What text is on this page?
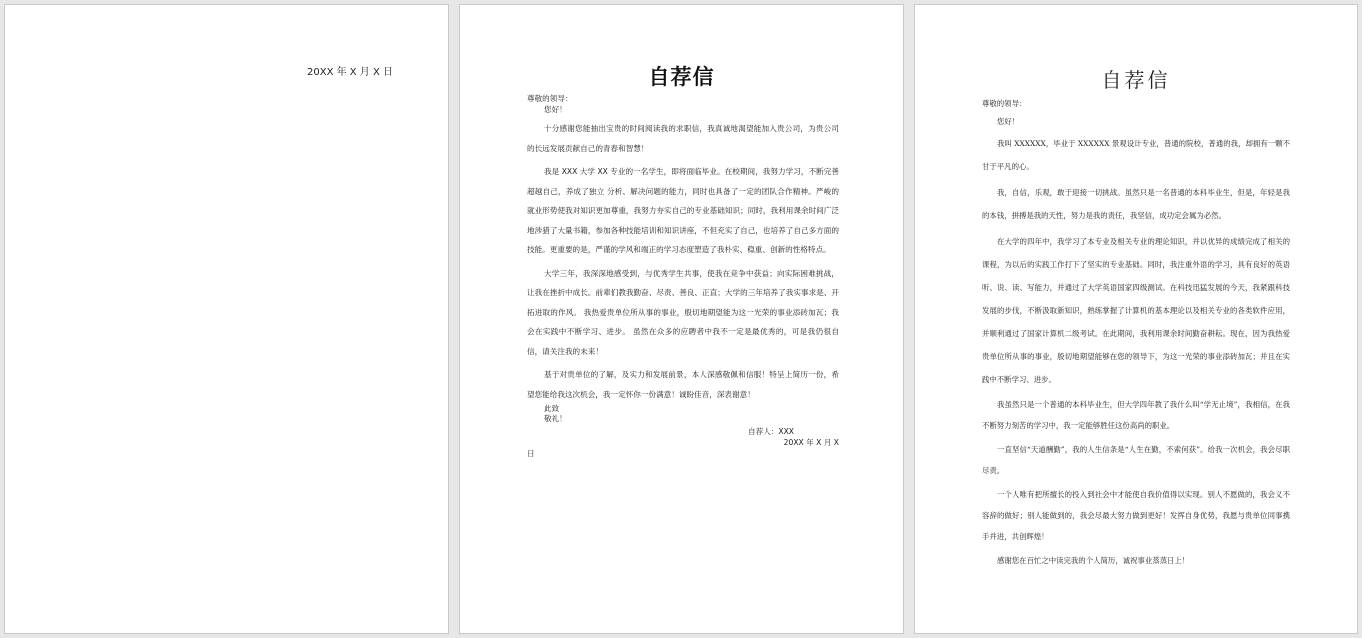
20XX 年 X 月 X 日	自荐信

尊敬的领导：

您好！

十分感谢您能抽出宝贵的时间阅读我的求职信，我真诚地渴望能加入贵公司，为贵公司的长远发展贡献自己的青春和智慧！

我是 XXX 大学 XX 专业的一名学生，即将面临毕业。在校期间，我努力学习，不断完善超越自己，养成了独立 分析、解决问题的能力，同时也具备了一定的团队合作精神。严峻的就业形势使我对知识更加尊重，我努力夯实自己的专业基础知识；同时，我利用课余时间广泛地涉猎了大量书籍，参加各种技能培训和知识讲座，不但充实了自己，也培养了自己多方面的技能。更重要的是，严谨的学风和端正的学习态度塑造了我朴实、稳重、创新的性格特点。

大学三年，我深深地感受到，与优秀学生共事，使我在竞争中获益；向实际困难挑战，让我在挫折中成长。前辈们教我勤奋、尽责、善良、正直；大学的三年培养了我实事求是、开拓进取的作风。 我热爱贵单位所从事的事业，殷切地期望能为这一光荣的事业添砖加瓦；我会在实践中不断学习、进步。 虽然在众多的应聘者中我不一定是最优秀的，可是我仍很自信，请关注我的未来！

基于对贵单位的了解，及实力和发展前景，本人深感敬佩和信服！特呈上简历一份，希望您能给我这次机会，我一定怀你一份满意！诚盼佳音，深表谢意！

此致

敬礼！

自荐人：XXX
20XX 年 X 月 X
日
自荐信

尊敬的领导：

您好！

我叫 XXXXXX，毕业于 XXXXXX 景观设计专业，普通的院校，普通的我，却拥有一颗不甘于平凡的心。

我，自信，乐观，敢于迎接一切挑战。虽然只是一名普通的本科毕业生，但是，年轻是我的本钱，拼搏是我的天性，努力是我的责任，我坚信，成功定会属为必然。

在大学的四年中，我学习了本专业及相关专业的理论知识，并以优异的成绩完成了相关的课程，为以后的实践工作打下了坚实的专业基础。同时，我注重外语的学习，具有良好的英语听、说、读、写能力，并通过了大学英语国家四级测试。在科技迅猛发展的今天，我紧跟科技发展的步伐，不断汲取新知识，熟练掌握了计算机的基本理论以及相关专业的各类软件应用，并顺利通过了国家计算机二级考试。在此期间，我利用课余时间勤奋耕耘。现在，因为我热爱贵单位所从事的事业，殷切地期望能够在您的领导下，为这一光荣的事业添砖加瓦；并且在实践中不断学习、进步。

我虽然只是一个普通的本科毕业生，但大学四年教了我什么叫“学无止境”，我相信，在我不断努力刻苦的学习中，我一定能够胜任这份高尚的职业。

一直坚信“天道酬勤”，我的人生信条是“人生在勤，不索何获”。给我一次机会，我会尽职尽责。

一个人唯有把所擅长的投入到社会中才能使自我价值得以实现。别人不愿做的，我会义不容辞的做好；别人能做到的，我会尽最大努力做到更好！发挥自身优势，我愿与贵单位同事携手并进，共创辉煌！

感谢您在百忙之中读完我的个人简历，诚祝事业蒸蒸日上！
